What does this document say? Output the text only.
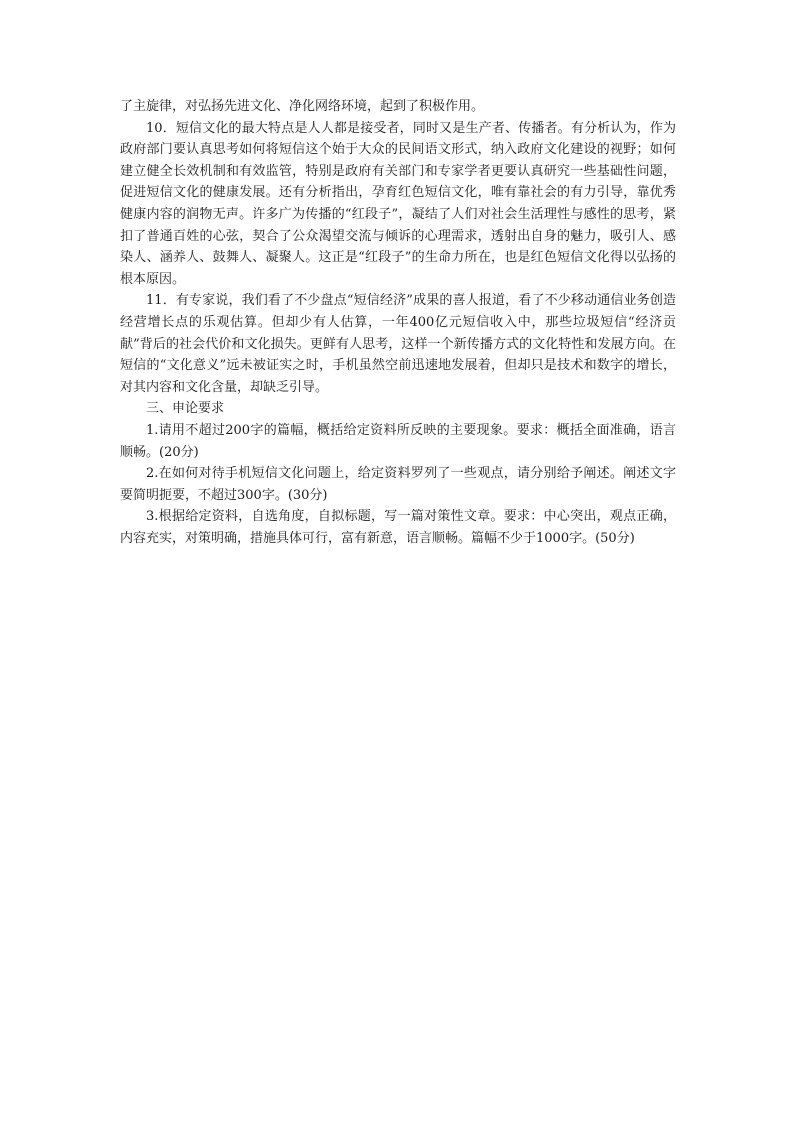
了主旋律，对弘扬先进文化、净化网络环境，起到了积极作用。

10．短信文化的最大特点是人人都是接受者，同时又是生产者、传播者。有分析认为，作为政府部门要认真思考如何将短信这个始于大众的民间语文形式，纳入政府文化建设的视野；如何建立健全长效机制和有效监管，特别是政府有关部门和专家学者更要认真研究一些基础性问题，促进短信文化的健康发展。还有分析指出，孕育红色短信文化，唯有靠社会的有力引导，靠优秀健康内容的润物无声。许多广为传播的“红段子”，凝结了人们对社会生活理性与感性的思考，紧扣了普通百姓的心弦，契合了公众渴望交流与倾诉的心理需求，透射出自身的魅力，吸引人、感染人、涵养人、鼓舞人、凝聚人。这正是“红段子”的生命力所在，也是红色短信文化得以弘扬的根本原因。

11．有专家说，我们看了不少盘点“短信经济”成果的喜人报道，看了不少移动通信业务创造经营增长点的乐观估算。但却少有人估算，一年400亿元短信收入中，那些垃圾短信“经济贡献”背后的社会代价和文化损失。更鲜有人思考，这样一个新传播方式的文化特性和发展方向。在短信的“文化意义”远未被证实之时，手机虽然空前迅速地发展着，但却只是技术和数字的增长，对其内容和文化含量，却缺乏引导。

三、申论要求

1.请用不超过200字的篇幅，概括给定资料所反映的主要现象。要求：概括全面准确，语言顺畅。(20分)

2.在如何对待手机短信文化问题上，给定资料罗列了一些观点，请分别给予阐述。阐述文字要简明扼要，不超过300字。(30分)

3.根据给定资料，自选角度，自拟标题，写一篇对策性文章。要求：中心突出，观点正确，内容充实，对策明确，措施具体可行，富有新意，语言顺畅。篇幅不少于1000字。(50分)
